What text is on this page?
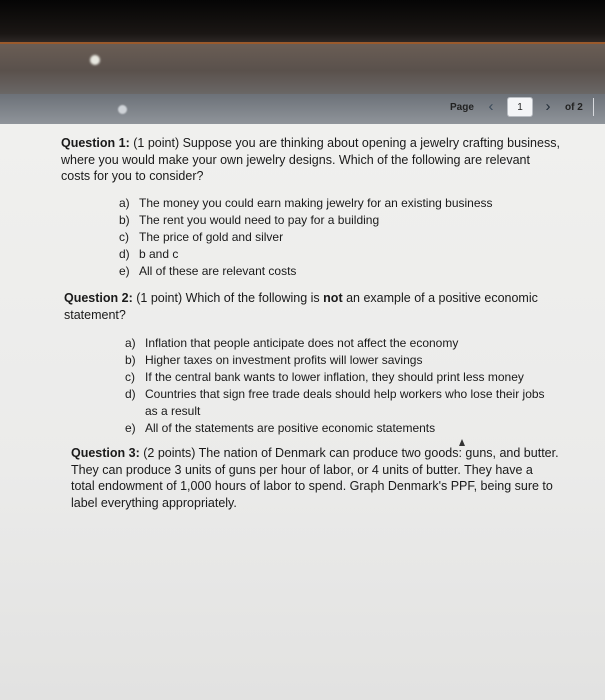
Page ‹
1	›	of 2
Question 1: (1 point) Suppose you are thinking about opening a jewelry crafting business, where you would make your own jewelry designs. Which of the following are relevant costs for you to consider?
a) The money you could earn making jewelry for an existing business
b) The rent you would need to pay for a building
c) The price of gold and silver
d) b and c
e) All of these are relevant costs
Question 2: (1 point) Which of the following is not an example of a positive economic statement?
a) Inflation that people anticipate does not affect the economy
b) Higher taxes on investment profits will lower savings
c) If the central bank wants to lower inflation, they should print less money
d) Countries that sign free trade deals should help workers who lose their jobs as a result
e) All of the statements are positive economic statements
Question 3: (2 points) The nation of Denmark can produce two goods: guns, and butter. They can produce 3 units of guns per hour of labor, or 4 units of butter. They have a total endowment of 1,000 hours of labor to spend. Graph Denmark's PPF, being sure to label everything appropriately.
